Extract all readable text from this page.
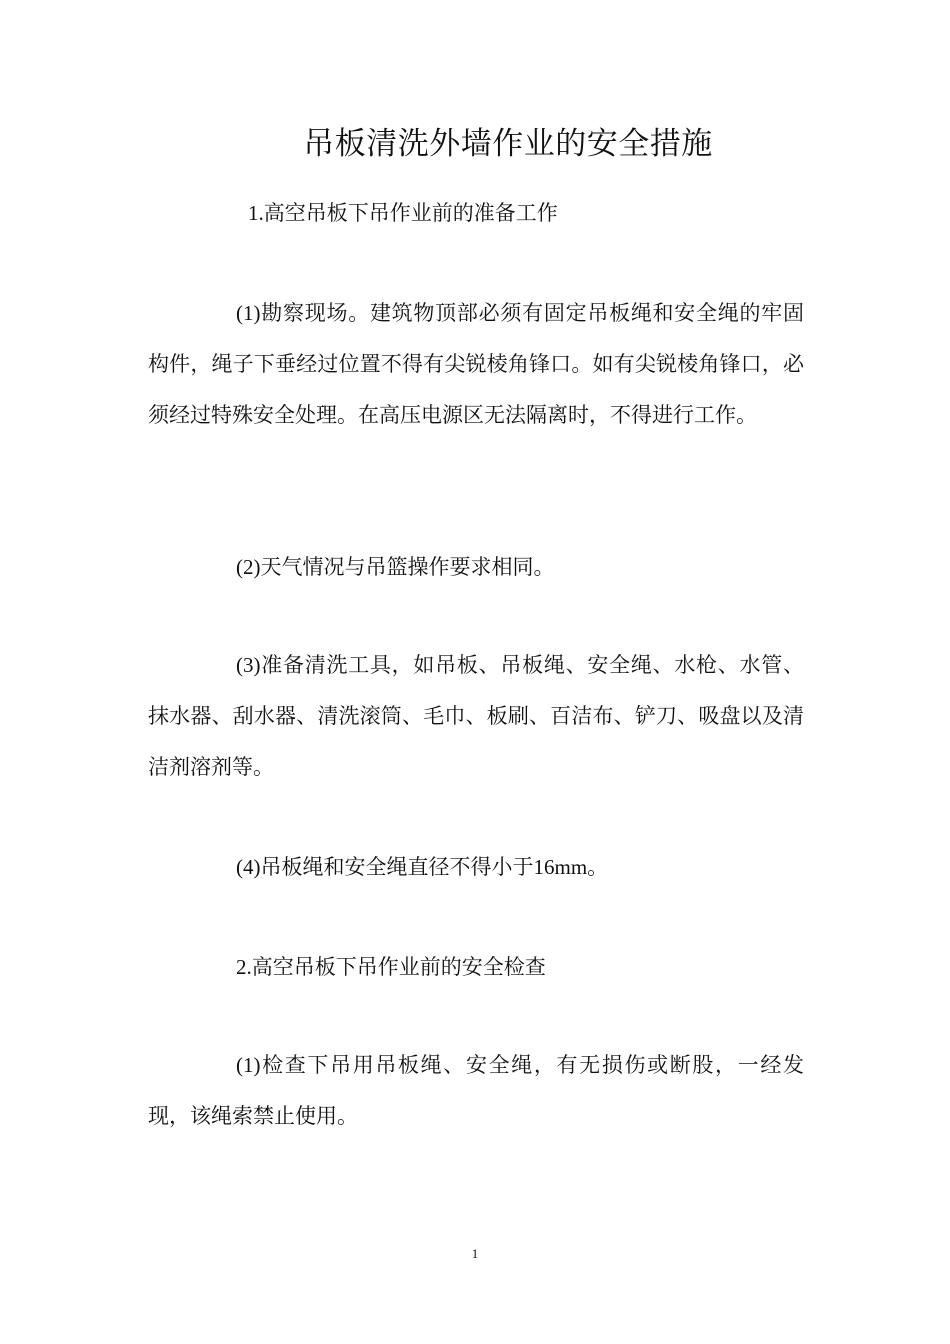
吊板清洗外墙作业的安全措施

1.高空吊板下吊作业前的准备工作

(1)勘察现场。建筑物顶部必须有固定吊板绳和安全绳的牢固构件，绳子下垂经过位置不得有尖锐棱角锋口。如有尖锐棱角锋口，必须经过特殊安全处理。在高压电源区无法隔离时，不得进行工作。

(2)天气情况与吊篮操作要求相同。

(3)准备清洗工具，如吊板、吊板绳、安全绳、水枪、水管、抹水器、刮水器、清洗滚筒、毛巾、板刷、百洁布、铲刀、吸盘以及清洁剂溶剂等。

(4)吊板绳和安全绳直径不得小于16mm。

2.高空吊板下吊作业前的安全检查

(1)检查下吊用吊板绳、安全绳，有无损伤或断股，一经发现，该绳索禁止使用。

1
